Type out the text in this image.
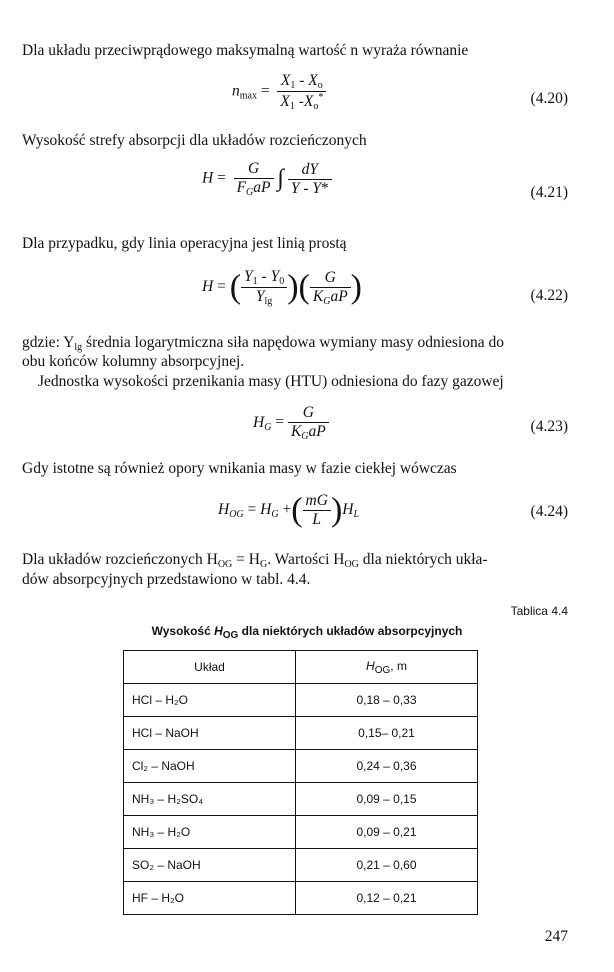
Dla układu przeciwprądowego maksymalną wartość n wyraża równanie
$n_{max} = \frac{X_1 - X_o}{X_1 -X_o^*}$	(4.20)
Wysokość strefy absorpcji dla układów rozcieńczonych
$H = \frac{G}{F_GaP}$ ∫ $\frac{dY}{Y - Y*}$	(4.21)
Dla przypadku, gdy linia operacyjna jest linią prostą
H = ( $\frac{Y_1 - Y_0}{Y_{lg}}$ )( $\frac{G}{K_GaP}$ )	(4.22)
gdzie: $Y_{lg}$ średnia logarytmiczna siła napędowa wymiany masy odniesiona do
obu końców kolumny absorpcyjnej.
Jednostka wysokości przenikania masy (HTU) odniesiona do fazy gazowej
$H_G = \frac{G}{K_GaP}$	(4.23)
Gdy istotne są również opory wnikania masy w fazie ciekłej wówczas
$H_{OG} = H_G$ +( $\frac{mG}{L} )H_L$	(4.24)
Dla układów rozcieńczonych $H_{OG} = H_G$. Wartości $H_{OG}$ dla niektórych ukła-
dów absorpcyjnych przedstawiono w tabl. 4.4.
Tablica 4.4
Wysokość $H_{OG}$ dla niektórych układów absorpcyjnych
Układ	$H_{OG}$, m
HCl – H₂O	0,18 – 0,33
HCl – NaOH	0,15– 0,21
Cl₂ – NaOH	0,24 – 0,36
NH₃ – H₂SO₄	0,09 – 0,15
NH₃ – H₂O	0,09 – 0,21
SO₂ – NaOH	0,21 – 0,60
HF – H₂O	0,12 – 0,21
247
